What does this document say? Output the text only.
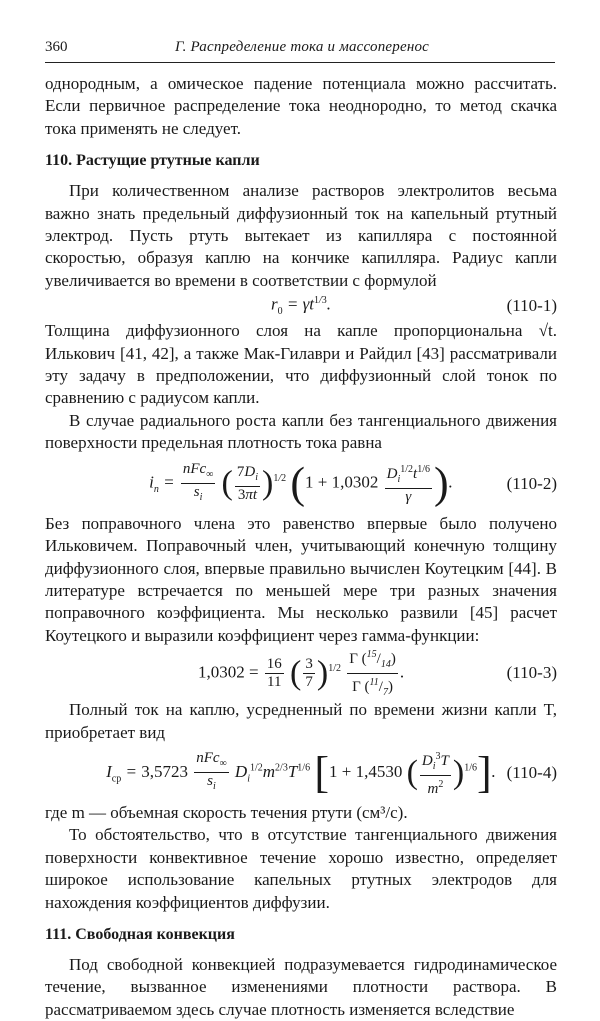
360	Г. Распределение тока и массоперенос

однородным, а омическое падение потенциала можно рассчитать. Если первичное распределение тока неоднородно, то метод скачка тока применять не следует.

110. Растущие ртутные капли

При количественном анализе растворов электролитов весьма важно знать предельный диффузионный ток на капельный ртутный электрод. Пусть ртуть вытекает из капилляра с постоянной скоростью, образуя каплю на кончике капилляра. Радиус капли увеличивается во времени в соответствии с формулой

$r_0 = \gamma t^{1/3}$.	(110-1)

Толщина диффузионного слоя на капле пропорциональна √t. Илькович [41, 42], а также Мак-Гилаври и Райдил [43] рассматривали эту задачу в предположении, что диффузионный слой тонок по сравнению с радиусом капли.

В случае радиального роста капли без тангенциального движения поверхности предельная плотность тока равна

$i_n = \frac{nFc_\infty}{s_i}$ ( $\frac{7D_i}{3\pi t} )^{1/2}$ ($1 + 1,0302 \frac{D_i^{1/2}t^{1/6}}{\gamma}$ ).	(110-2)

Без поправочного члена это равенство впервые было получено Ильковичем. Поправочный член, учитывающий конечную толщину диффузионного слоя, впервые правильно вычислен Коутецким [44]. В литературе встречается по меньшей мере три разных значения поправочного коэффициента. Мы несколько развили [45] расчет Коутецкого и выразили коэффициент через гамма-функции:

$1,0302 = \frac{16}{11}$ ( $\frac{3}{7} )^{1/2} \frac{\Gamma (^{15}/_{14})}{\Gamma (^{11}/_7)}$ .	(110-3)

Полный ток на каплю, усредненный по времени жизни капли T, приобретает вид

$I_{ср} = 3,5723 \frac{nFc_\infty}{s_i} D_i^{1/2}m^{2/3}T^{1/6}$ [1 + 1,4530 ( $\frac{D_i^3T}{m^2} )^{1/6}$]. (110-4)

где m — объемная скорость течения ртути (см³/с).

То обстоятельство, что в отсутствие тангенциального движения поверхности конвективное течение хорошо известно, определяет широкое использование капельных ртутных электродов для нахождения коэффициентов диффузии.

111. Свободная конвекция

Под свободной конвекцией подразумевается гидродинамическое течение, вызванное изменениями плотности раствора. В рассматриваемом здесь случае плотность изменяется вследствие
